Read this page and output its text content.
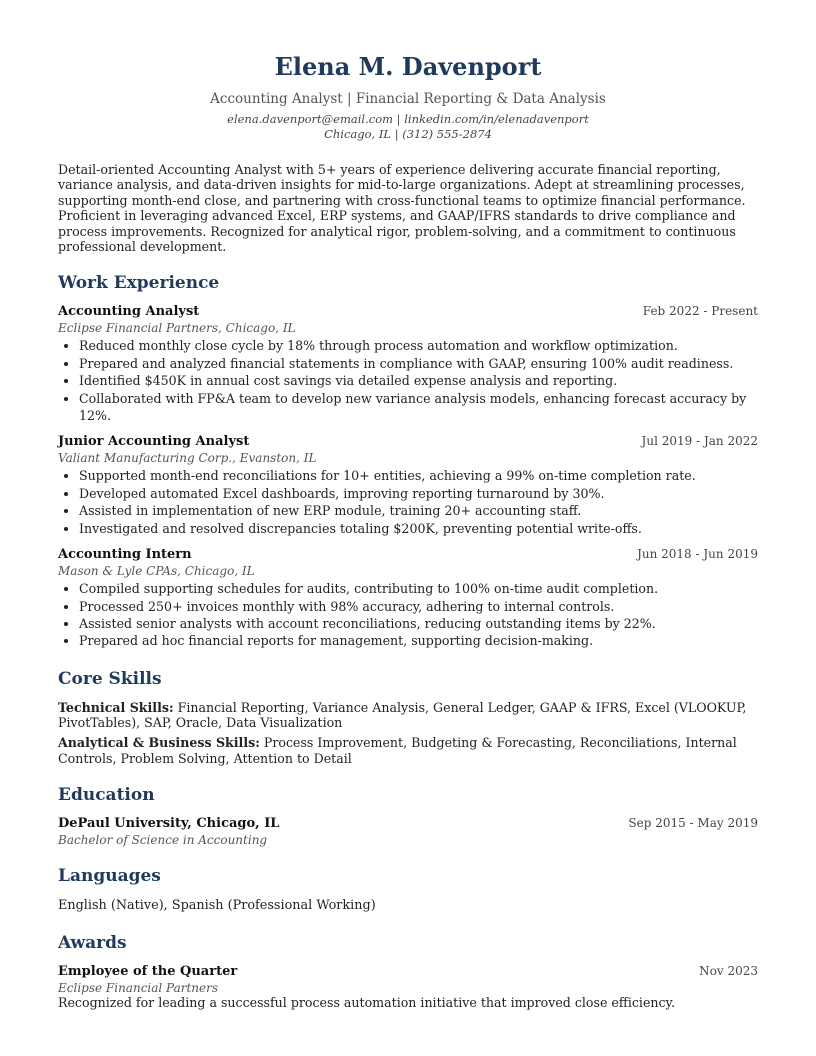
Elena M. Davenport
Accounting Analyst | Financial Reporting & Data Analysis
elena.davenport@email.com | linkedin.com/in/elenadavenport
Chicago, IL | (312) 555-2874
Detail-oriented Accounting Analyst with 5+ years of experience delivering accurate financial reporting, variance analysis, and data-driven insights for mid-to-large organizations. Adept at streamlining processes, supporting month-end close, and partnering with cross-functional teams to optimize financial performance. Proficient in leveraging advanced Excel, ERP systems, and GAAP/IFRS standards to drive compliance and process improvements. Recognized for analytical rigor, problem-solving, and a commitment to continuous professional development.
Work Experience
Accounting Analyst	Feb 2022 - Present
Eclipse Financial Partners, Chicago, IL
• Reduced monthly close cycle by 18% through process automation and workflow optimization.
• Prepared and analyzed financial statements in compliance with GAAP, ensuring 100% audit readiness.
• Identified $450K in annual cost savings via detailed expense analysis and reporting.
• Collaborated with FP&A team to develop new variance analysis models, enhancing forecast accuracy by 12%.
Junior Accounting Analyst	Jul 2019 - Jan 2022
Valiant Manufacturing Corp., Evanston, IL
• Supported month-end reconciliations for 10+ entities, achieving a 99% on-time completion rate.
• Developed automated Excel dashboards, improving reporting turnaround by 30%.
• Assisted in implementation of new ERP module, training 20+ accounting staff.
• Investigated and resolved discrepancies totaling $200K, preventing potential write-offs.
Accounting Intern	Jun 2018 - Jun 2019
Mason & Lyle CPAs, Chicago, IL
• Compiled supporting schedules for audits, contributing to 100% on-time audit completion.
• Processed 250+ invoices monthly with 98% accuracy, adhering to internal controls.
• Assisted senior analysts with account reconciliations, reducing outstanding items by 22%.
• Prepared ad hoc financial reports for management, supporting decision-making.
Core Skills
Technical Skills: Financial Reporting, Variance Analysis, General Ledger, GAAP & IFRS, Excel (VLOOKUP, PivotTables), SAP, Oracle, Data Visualization
Analytical & Business Skills: Process Improvement, Budgeting & Forecasting, Reconciliations, Internal Controls, Problem Solving, Attention to Detail
Education
DePaul University, Chicago, IL	Sep 2015 - May 2019
Bachelor of Science in Accounting
Languages
English (Native), Spanish (Professional Working)
Awards
Employee of the Quarter	Nov 2023
Eclipse Financial Partners
Recognized for leading a successful process automation initiative that improved close efficiency.
